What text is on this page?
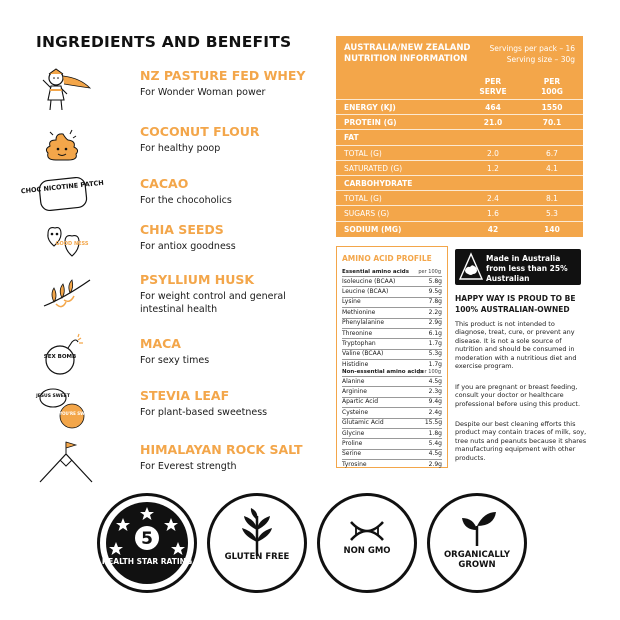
INGREDIENTS AND BENEFITS
NZ PASTURE FED WHEY
For Wonder Woman power
COCONUT FLOUR
For healthy poop
CHOC NICOTINE PATCH	CACAO
For the chocoholics
GOOD NESS
CHIA SEEDS
For antiox goodness
PSYLLIUM HUSK
For weight control and general intestinal health
SEX BOMB
MACA
For sexy times
JESUS SWEET
NO YOU'RE SWEET
STEVIA LEAF
For plant-based sweetness
HIMALAYAN ROCK SALT
For Everest strength
AUSTRALIA/NEW ZEALAND NUTRITION INFORMATION
Servings per pack – 16
Serving size – 30g
PER SERVE
PER 100G
ENERGY (KJ)	464	1550
PROTEIN (G)	21.0	70.1
FAT
TOTAL (G)	2.0	6.7
SATURATED (G)	1.2	4.1
CARBOHYDRATE
TOTAL (G)	2.4	8.1
SUGARS (G)	1.6	5.3
SODIUM (MG)	42	140
AMINO ACID PROFILE
Essential amino acids per 100g
Isoleucine (BCAA)	5.8g
Leucine (BCAA)	9.5g
Lysine	7.8g
Methionine	2.2g
Phenylalanine	2.9g
Threonine	6.1g
Tryptophan	1.7g
Valine (BCAA)	5.3g
Histidine	1.7g
Non-essential amino acids
per 100g
Alanine	4.5g
Arginine	2.3g
Apartic Acid	9.4g
Cysteine	2.4g
Glutamic Acid	15.5g
Glycine	1.8g
Proline	5.4g
Serine	4.5g
Tyrosine	2.9g
Made in Australia
from less than 25%
Australian ingredients.
HAPPY WAY IS PROUD TO BE 100% AUSTRALIAN-OWNED
This product is not intended to diagnose, treat, cure, or prevent any disease. It is not a sole source of nutrition and should be consumed in moderation with a nutritious diet and exercise program.
If you are pregnant or breast feeding, consult your doctor or healthcare professional before using this product.
Despite our best cleaning efforts this product may contain traces of milk, soy, tree nuts and peanuts because it shares manufacturing equipment with other products.
5
HEALTH STAR RATING	GLUTEN FREE
NON GMO	ORGANICALLY GROWN
